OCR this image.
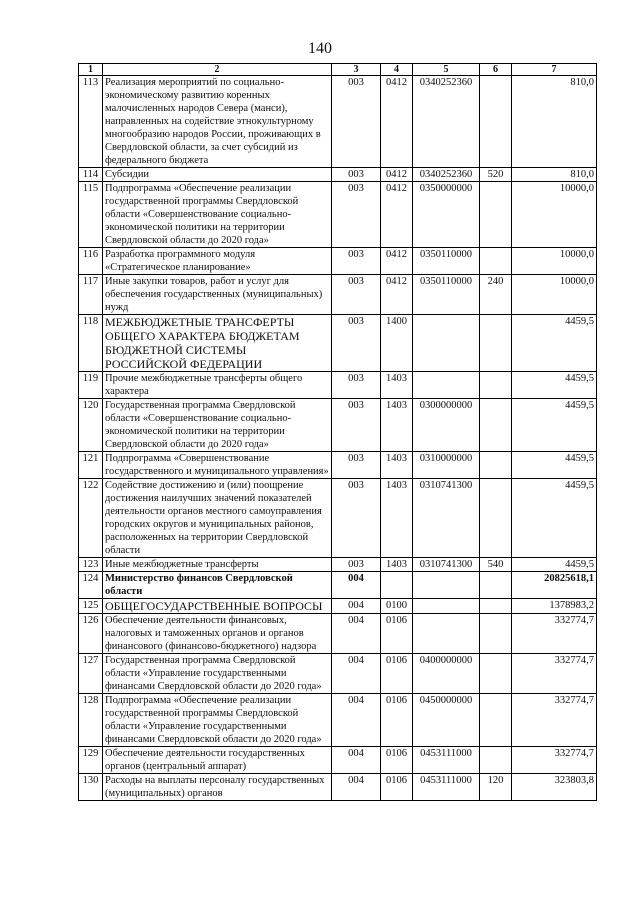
140
1	2	3	4	5	6	7
113	Реализация мероприятий по социально-экономическому развитию коренных малочисленных народов Севера (манси), направленных на содействие этнокультурному многообразию народов России, проживающих в Свердловской области, за счет субсидий из федерального бюджета	003	0412	0340252360		810,0
114	Субсидии	003	0412	0340252360	520	810,0
115	Подпрограмма «Обеспечение реализации государственной программы Свердловской области «Совершенствование социально-экономической политики на территории Свердловской области до 2020 года»	003	0412	0350000000		10000,0
116	Разработка программного модуля «Стратегическое планирование»	003	0412	0350110000		10000,0
117	Иные закупки товаров, работ и услуг для обеспечения государственных (муниципальных) нужд	003	0412	0350110000	240	10000,0
118	МЕЖБЮДЖЕТНЫЕ ТРАНСФЕРТЫ ОБЩЕГО ХАРАКТЕРА БЮДЖЕТАМ БЮДЖЕТНОЙ СИСТЕМЫ РОССИЙСКОЙ ФЕДЕРАЦИИ	003	1400			4459,5
119	Прочие межбюджетные трансферты общего характера	003	1403			4459,5
120	Государственная программа Свердловской области «Совершенствование социально-экономической политики на территории Свердловской области до 2020 года»	003	1403	0300000000		4459,5
121	Подпрограмма «Совершенствование государственного и муниципального управления»	003	1403	0310000000		4459,5
122	Содействие достижению и (или) поощрение достижения наилучших значений показателей деятельности органов местного самоуправления городских округов и муниципальных районов, расположенных на территории Свердловской области	003	1403	0310741300		4459,5
123	Иные межбюджетные трансферты	003	1403	0310741300	540	4459,5
124	Министерство финансов Свердловской области	004				20825618,1
125	ОБЩЕГОСУДАРСТВЕННЫЕ ВОПРОСЫ	004	0100			1378983,2
126	Обеспечение деятельности финансовых, налоговых и таможенных органов и органов финансового (финансово-бюджетного) надзора	004	0106			332774,7
127	Государственная программа Свердловской области «Управление государственными финансами Свердловской области до 2020 года»	004	0106	0400000000		332774,7
128	Подпрограмма «Обеспечение реализации государственной программы Свердловской области «Управление государственными финансами Свердловской области до 2020 года»	004	0106	0450000000		332774,7
129	Обеспечение деятельности государственных органов (центральный аппарат)	004	0106	0453111000		332774,7
130	Расходы на выплаты персоналу государственных (муниципальных) органов	004	0106	0453111000	120	323803,8
